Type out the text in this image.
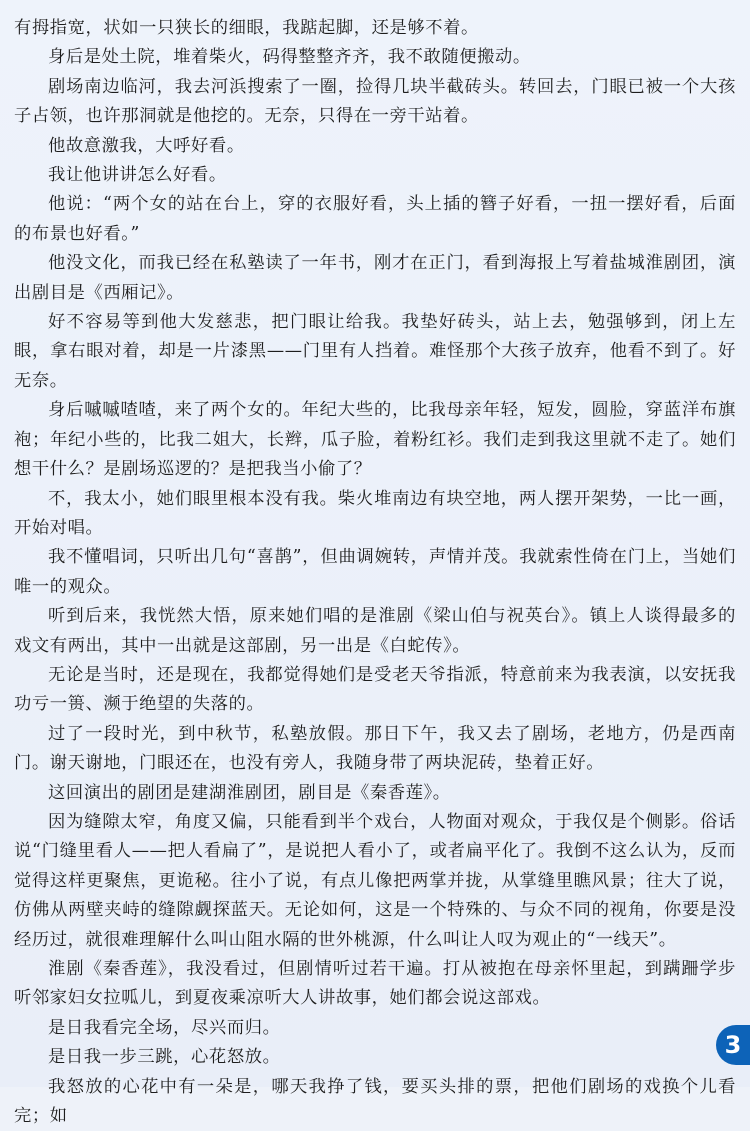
有拇指宽，状如一只狭长的细眼，我踮起脚，还是够不着。

身后是处土院，堆着柴火，码得整整齐齐，我不敢随便搬动。

剧场南边临河，我去河浜搜索了一圈，捡得几块半截砖头。转回去，门眼已被一个大孩子占领，也许那洞就是他挖的。无奈，只得在一旁干站着。

他故意激我，大呼好看。

我让他讲讲怎么好看。

他说：“两个女的站在台上，穿的衣服好看，头上插的簪子好看，一扭一摆好看，后面的布景也好看。”

他没文化，而我已经在私塾读了一年书，刚才在正门，看到海报上写着盐城淮剧团，演出剧目是《西厢记》。

好不容易等到他大发慈悲，把门眼让给我。我垫好砖头，站上去，勉强够到，闭上左眼，拿右眼对着，却是一片漆黑——门里有人挡着。难怪那个大孩子放弃，他看不到了。好无奈。

身后嘁嘁喳喳，来了两个女的。年纪大些的，比我母亲年轻，短发，圆脸，穿蓝洋布旗袍；年纪小些的，比我二姐大，长辫，瓜子脸，着粉红衫。我们走到我这里就不走了。她们想干什么？是剧场巡逻的？是把我当小偷了？

不，我太小，她们眼里根本没有我。柴火堆南边有块空地，两人摆开架势，一比一画，开始对唱。

我不懂唱词，只听出几句“喜鹊”，但曲调婉转，声情并茂。我就索性倚在门上，当她们唯一的观众。

听到后来，我恍然大悟，原来她们唱的是淮剧《梁山伯与祝英台》。镇上人谈得最多的戏文有两出，其中一出就是这部剧，另一出是《白蛇传》。

无论是当时，还是现在，我都觉得她们是受老天爷指派，特意前来为我表演，以安抚我功亏一篑、濒于绝望的失落的。

过了一段时光，到中秋节，私塾放假。那日下午，我又去了剧场，老地方，仍是西南门。谢天谢地，门眼还在，也没有旁人，我随身带了两块泥砖，垫着正好。

这回演出的剧团是建湖淮剧团，剧目是《秦香莲》。

因为缝隙太窄，角度又偏，只能看到半个戏台，人物面对观众，于我仅是个侧影。俗话说“门缝里看人——把人看扁了”，是说把人看小了，或者扁平化了。我倒不这么认为，反而觉得这样更聚焦，更诡秘。往小了说，有点儿像把两掌并拢，从掌缝里瞧风景；往大了说，仿佛从两壁夹峙的缝隙觑探蓝天。无论如何，这是一个特殊的、与众不同的视角，你要是没经历过，就很难理解什么叫山阻水隔的世外桃源，什么叫让人叹为观止的“一线天”。

淮剧《秦香莲》，我没看过，但剧情听过若干遍。打从被抱在母亲怀里起，到蹒跚学步听邻家妇女拉呱儿，到夏夜乘凉听大人讲故事，她们都会说这部戏。

是日我看完全场，尽兴而归。

是日我一步三跳，心花怒放。

我怒放的心花中有一朵是，哪天我挣了钱，要买头排的票，把他们剧场的戏换个儿看完；如

3
